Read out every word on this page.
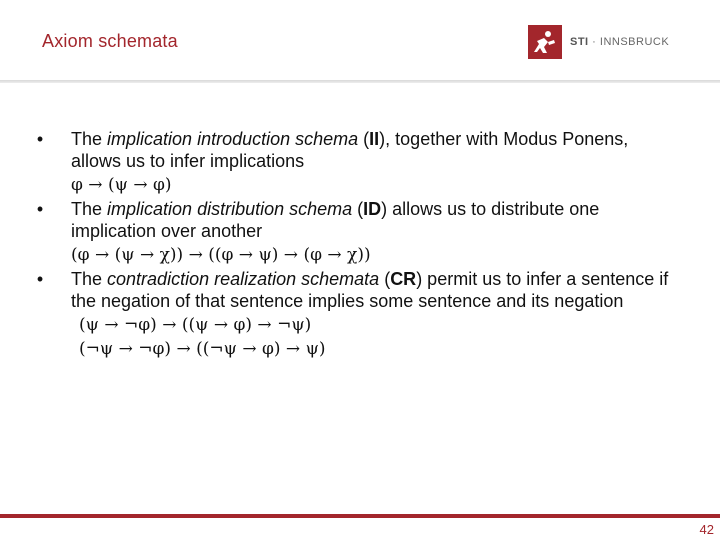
Axiom schemata	STI · INNSBRUCK
•	The implication introduction schema (II), together with Modus Ponens, allows us to infer implications
φ → (ψ → φ)
•	The implication distribution schema (ID) allows us to distribute one implication over another
(φ → (ψ → χ)) → ((φ → ψ) → (φ → χ))
•	The contradiction realization schemata (CR) permit us to infer a sentence if the negation of that sentence implies some sentence and its negation
(ψ → ¬φ) → ((ψ → φ) → ¬ψ)
(¬ψ → ¬φ) → ((¬ψ → φ) → ψ)
42
